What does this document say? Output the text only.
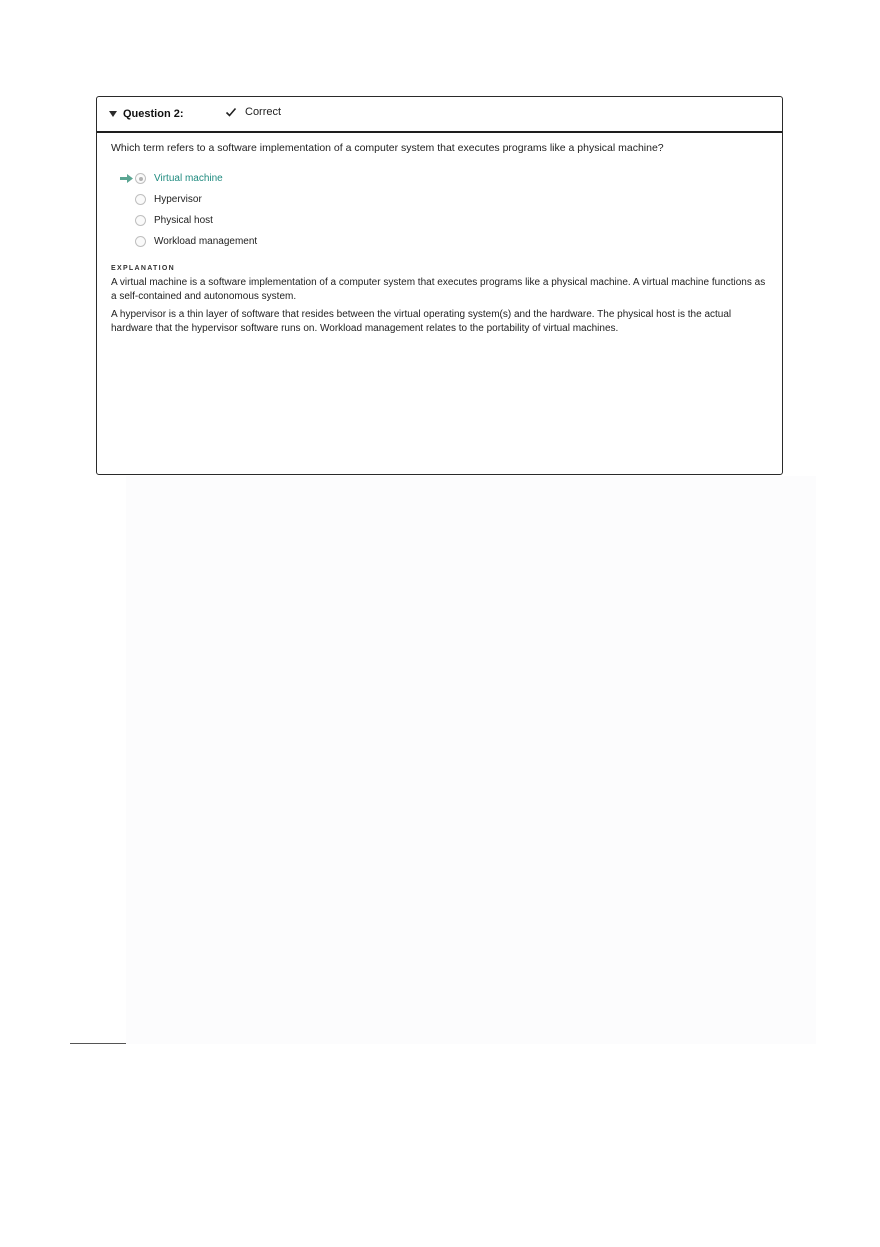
Question 2:	Correct

Which term refers to a software implementation of a computer system that executes programs like a physical machine?

Virtual machine
Hypervisor
Physical host
Workload management
EXPLANATION

A virtual machine is a software implementation of a computer system that executes programs like a physical machine. A virtual machine functions as a self-contained and autonomous system.

A hypervisor is a thin layer of software that resides between the virtual operating system(s) and the hardware. The physical host is the actual hardware that the hypervisor software runs on. Workload management relates to the portability of virtual machines.
